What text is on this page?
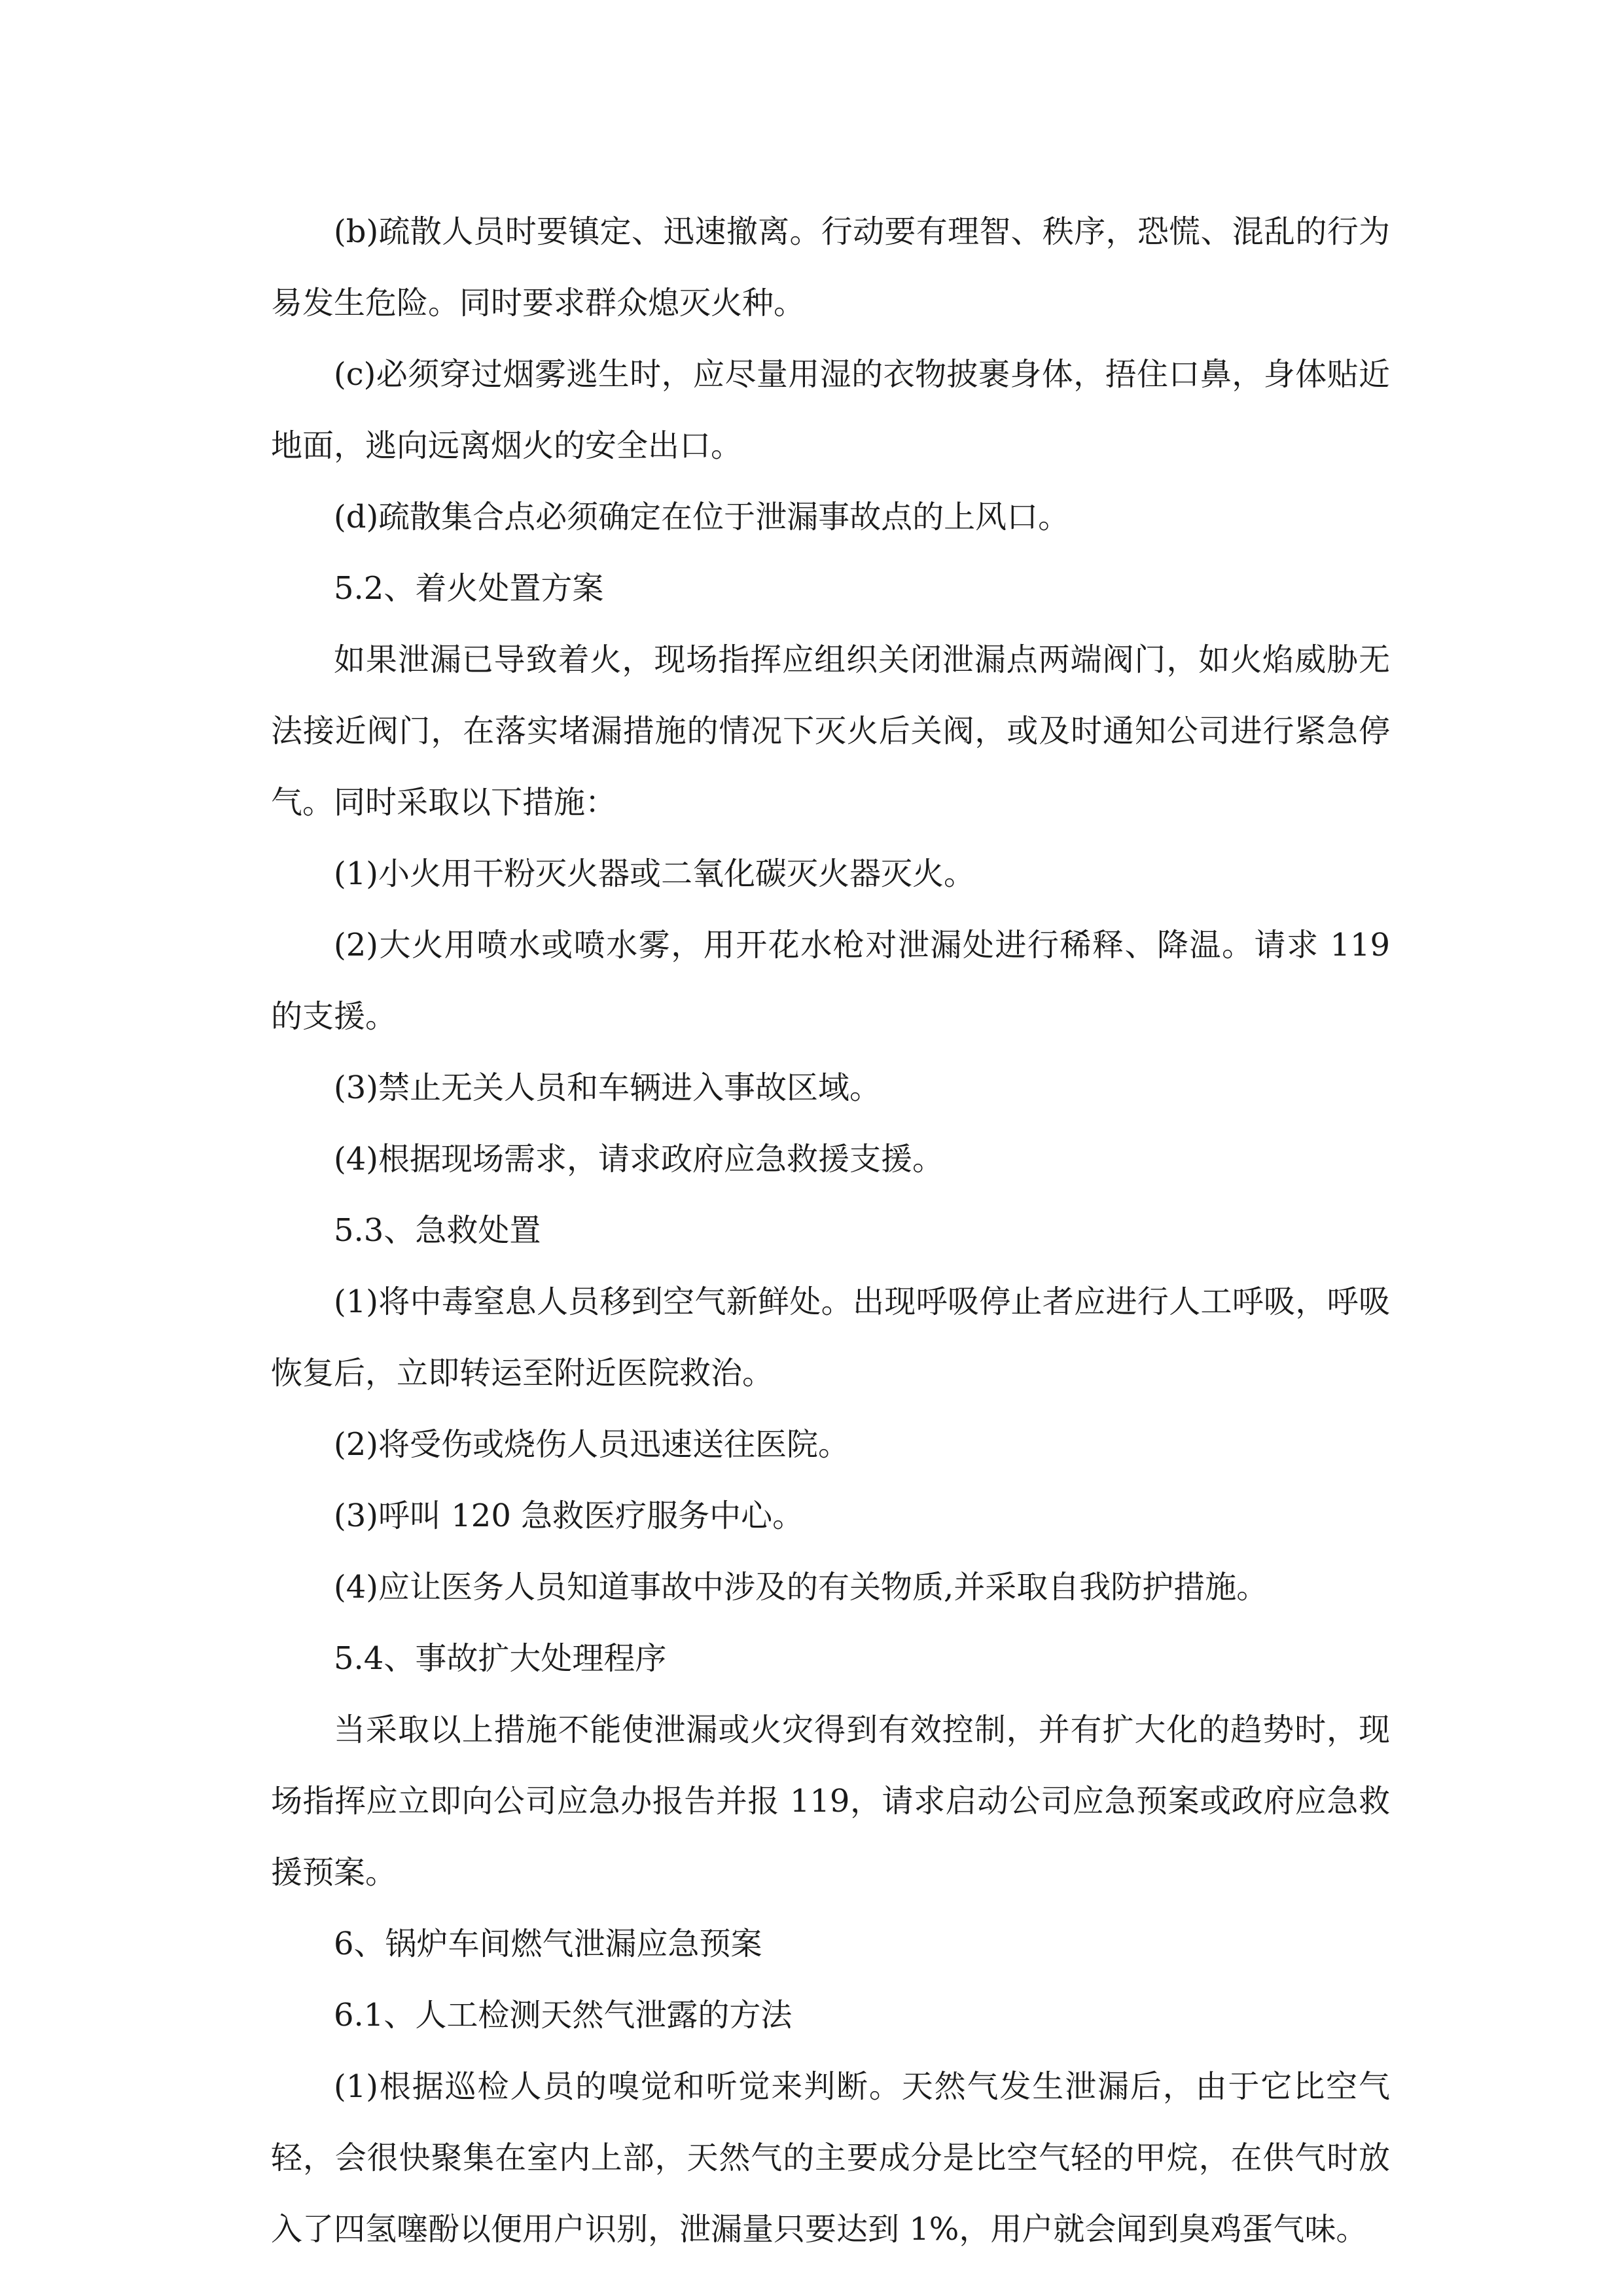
(b)疏散人员时要镇定、迅速撤离。行动要有理智、秩序，恐慌、混乱的行为易发生危险。同时要求群众熄灭火种。

(c)必须穿过烟雾逃生时，应尽量用湿的衣物披裹身体，捂住口鼻，身体贴近地面，逃向远离烟火的安全出口。

(d)疏散集合点必须确定在位于泄漏事故点的上风口。

5.2、着火处置方案

如果泄漏已导致着火，现场指挥应组织关闭泄漏点两端阀门，如火焰威胁无法接近阀门，在落实堵漏措施的情况下灭火后关阀，或及时通知公司进行紧急停气。同时采取以下措施：

(1)小火用干粉灭火器或二氧化碳灭火器灭火。

(2)大火用喷水或喷水雾，用开花水枪对泄漏处进行稀释、降温。请求 119 的支援。

(3)禁止无关人员和车辆进入事故区域。

(4)根据现场需求，请求政府应急救援支援。

5.3、急救处置

(1)将中毒窒息人员移到空气新鲜处。出现呼吸停止者应进行人工呼吸，呼吸恢复后，立即转运至附近医院救治。

(2)将受伤或烧伤人员迅速送往医院。

(3)呼叫 120 急救医疗服务中心。

(4)应让医务人员知道事故中涉及的有关物质,并采取自我防护措施。

5.4、事故扩大处理程序

当采取以上措施不能使泄漏或火灾得到有效控制，并有扩大化的趋势时，现场指挥应立即向公司应急办报告并报 119，请求启动公司应急预案或政府应急救援预案。

6、锅炉车间燃气泄漏应急预案

6.1、人工检测天然气泄露的方法

(1)根据巡检人员的嗅觉和听觉来判断。天然气发生泄漏后，由于它比空气轻，会很快聚集在室内上部，天然气的主要成分是比空气轻的甲烷，在供气时放入了四氢噻酚以便用户识别，泄漏量只要达到 1%，用户就会闻到臭鸡蛋气味。
